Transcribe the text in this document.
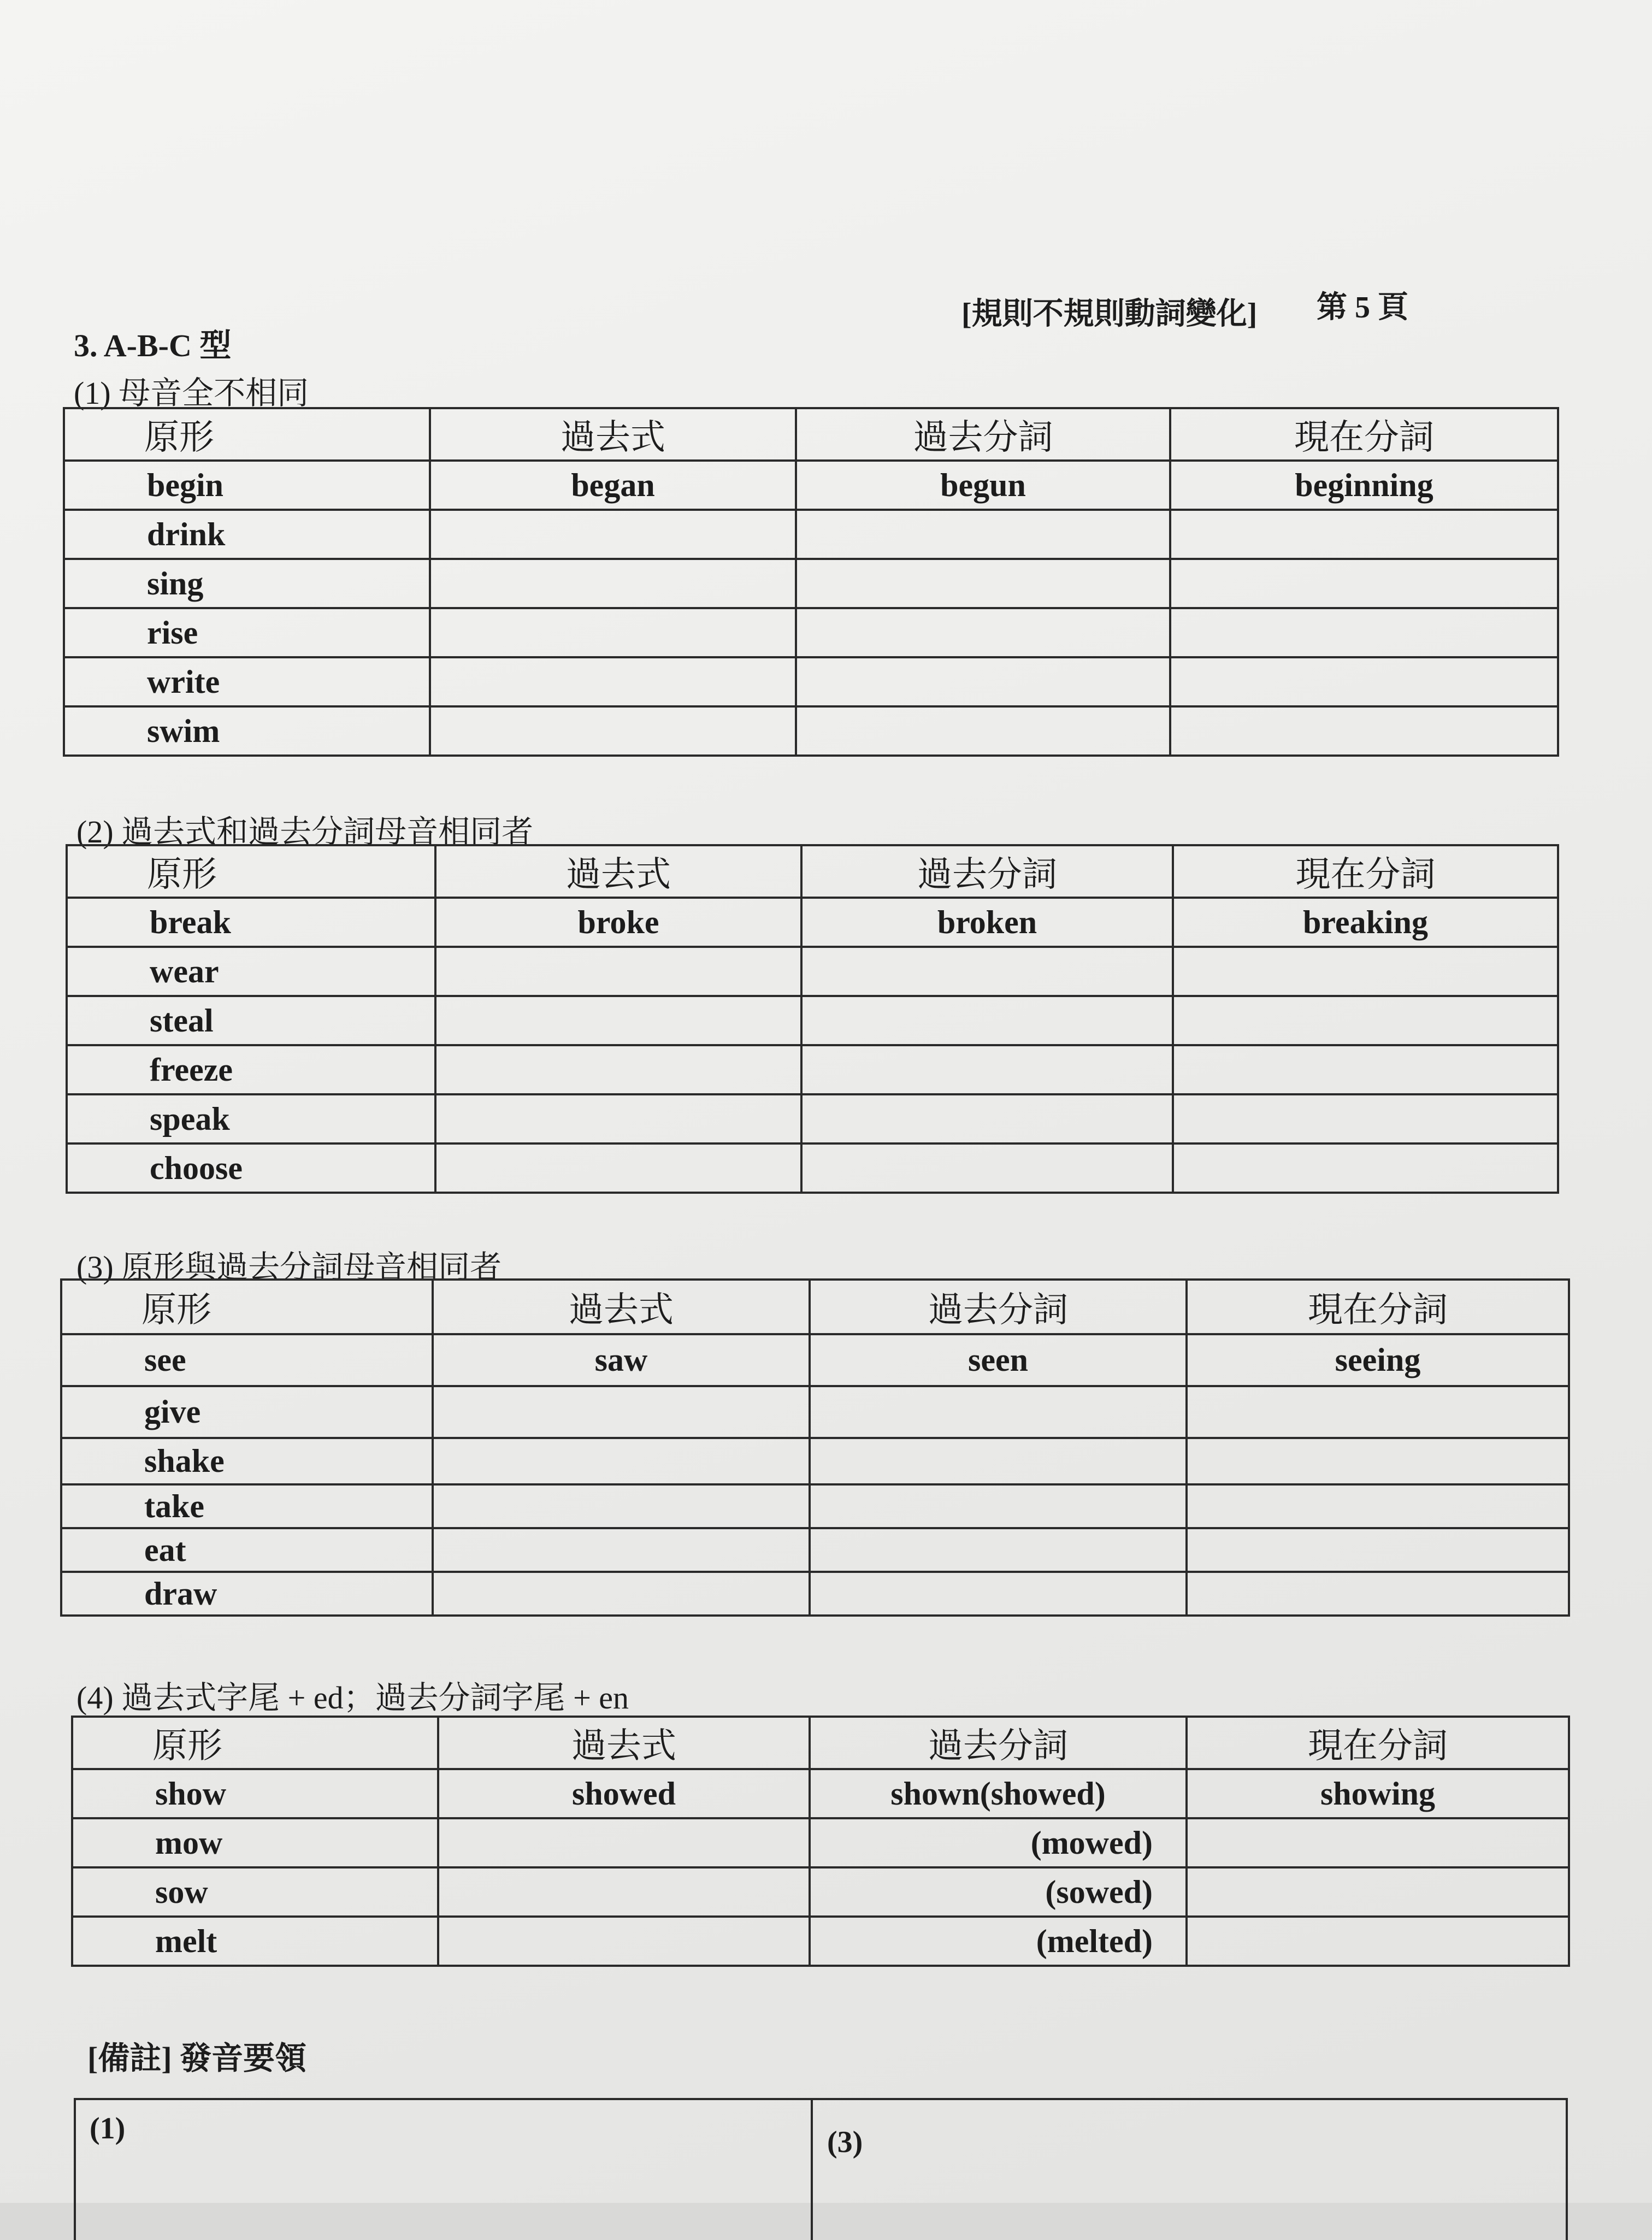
[規則不規則動詞變化] 第 5 頁
3. A-B-C 型
(1) 母音全不相同
原形	過去式	過去分詞	現在分詞
begin	began	begun	beginning
drink			
sing			
rise			
write			
swim			
(2) 過去式和過去分詞母音相同者
原形	過去式	過去分詞	現在分詞
break	broke	broken	breaking
wear			
steal			
freeze			
speak			
choose			
(3) 原形與過去分詞母音相同者
原形	過去式	過去分詞	現在分詞
see	saw	seen	seeing
give			
shake			
take			
eat			
draw			
(4) 過去式字尾 + ed；過去分詞字尾 + en
原形	過去式	過去分詞	現在分詞
show	showed	shown(showed)	showing
mow		(mowed)	
sow		(sowed)	
melt		(melted)	
[備註] 發音要領
(1)	(3)
